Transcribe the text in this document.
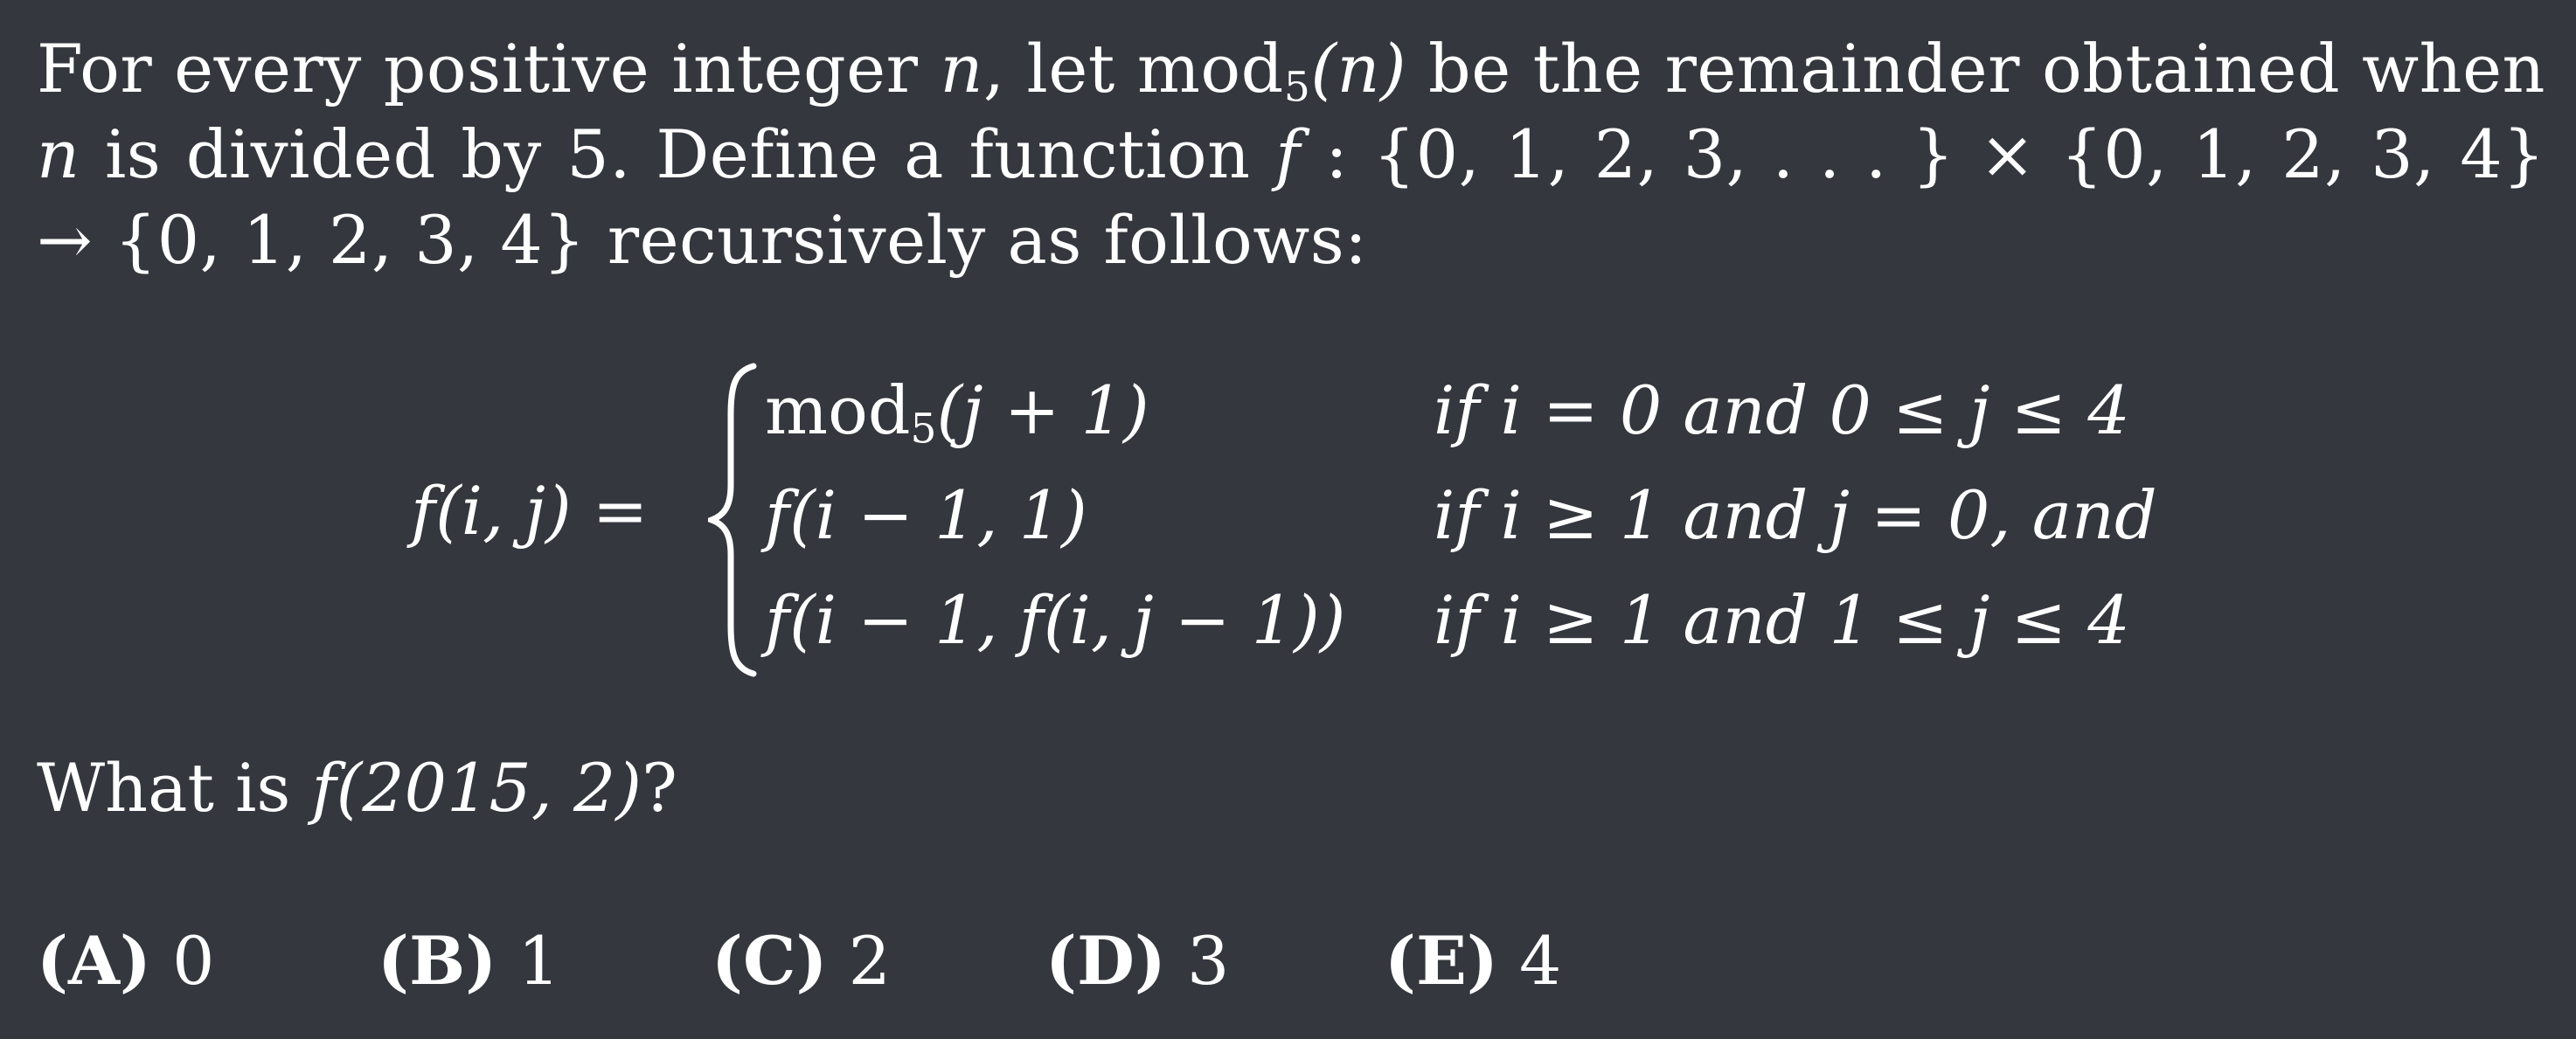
For every positive integer n, let mod$_5$(n) be the remainder obtained when n is divided by 5. Define a function f : {0, 1, 2, 3, . . . } × {0, 1, 2, 3, 4} → {0, 1, 2, 3, 4} recursively as follows:
f(i, j) =
mod$_5$(j + 1)	if i = 0 and 0 ≤ j ≤ 4
f(i − 1, 1)	if i ≥ 1 and j = 0, and
f(i − 1, f(i, j − 1)) if i ≥ 1 and 1 ≤ j ≤ 4
What is f(2015, 2)?
(A) 0 (B) 1 (C) 2 (D) 3 (E) 4
